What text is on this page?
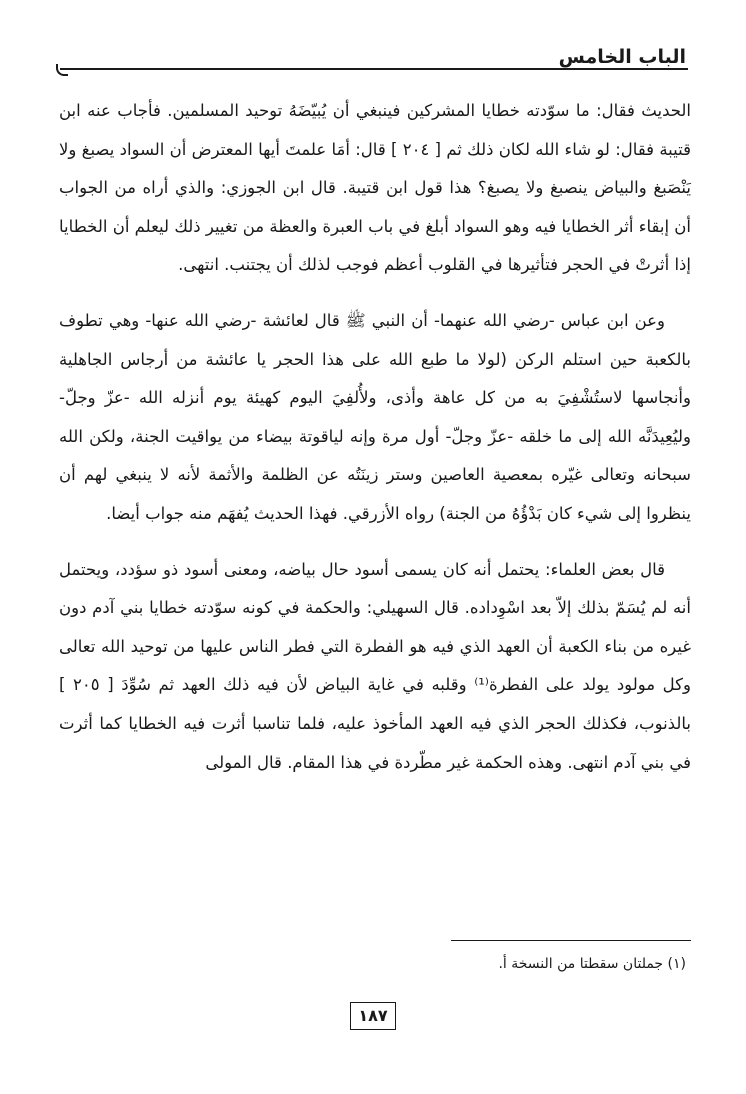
الباب الخامس

الحديث فقال: ما سوّدته خطايا المشركين فينبغي أن يُبيّضَهُ توحيد المسلمين. فأجاب عنه ابن قتيبة فقال: لو شاء الله لكان ذلك ثم [ ٢٠٤ ] قال: أمَا علمتَ أيها المعترض أن السواد يصبغ ولا يَنْصَبغ والبياض ينصبغ ولا يصبغ؟ هذا قول ابن قتيبة. قال ابن الجوزي: والذي أراه من الجواب أن إبقاء أثر الخطايا فيه وهو السواد أبلغ في باب العبرة والعظة من تغيير ذلك ليعلم أن الخطايا إذا أثرتْ في الحجر فتأثيرها في القلوب أعظم فوجب لذلك أن يجتنب. انتهى.

وعن ابن عباس -رضي الله عنهما- أن النبي ﷺ قال لعائشة -رضي الله عنها- وهي تطوف بالكعبة حين استلم الركن (لولا ما طبع الله على هذا الحجر يا عائشة من أرجاس الجاهلية وأنجاسها لاستُشْفِيَ به من كل عاهة وأذى، ولأُلفِيَ اليوم كهيئة يوم أنزله الله -عزّ وجلّ- وليُعِيدَنَّه الله إلى ما خلقه -عزّ وجلّ- أول مرة وإنه لياقوتة بيضاء من يواقيت الجنة، ولكن الله سبحانه وتعالى غيّره بمعصية العاصين وستر زينَتُه عن الظلمة والأثمة لأنه لا ينبغي لهم أن ينظروا إلى شيء كان بَدْؤُهُ من الجنة) رواه الأزرقي. فهذا الحديث يُفهَم منه جواب أيضا.

قال بعض العلماء: يحتمل أنه كان يسمى أسود حال بياضه، ومعنى أسود ذو سؤدد، ويحتمل أنه لم يُسَمّ بذلك إلاّ بعد اسْوِداده. قال السهيلي: والحكمة في كونه سوّدته خطايا بني آدم دون غيره من بناء الكعبة أن العهد الذي فيه هو الفطرة التي فطر الناس عليها من توحيد الله تعالى وكل مولود يولد على الفطرة⁽¹⁾ وقلبه في غاية البياض لأن فيه ذلك العهد ثم سُوِّدَ [ ٢٠٥ ] بالذنوب، فكذلك الحجر الذي فيه العهد المأخوذ عليه، فلما تناسبا أثرت فيه الخطايا كما أثرت في بني آدم انتهى. وهذه الحكمة غير مطّردة في هذا المقام. قال المولى

(١) جملتان سقطتا من النسخة أ.
١٨٧
